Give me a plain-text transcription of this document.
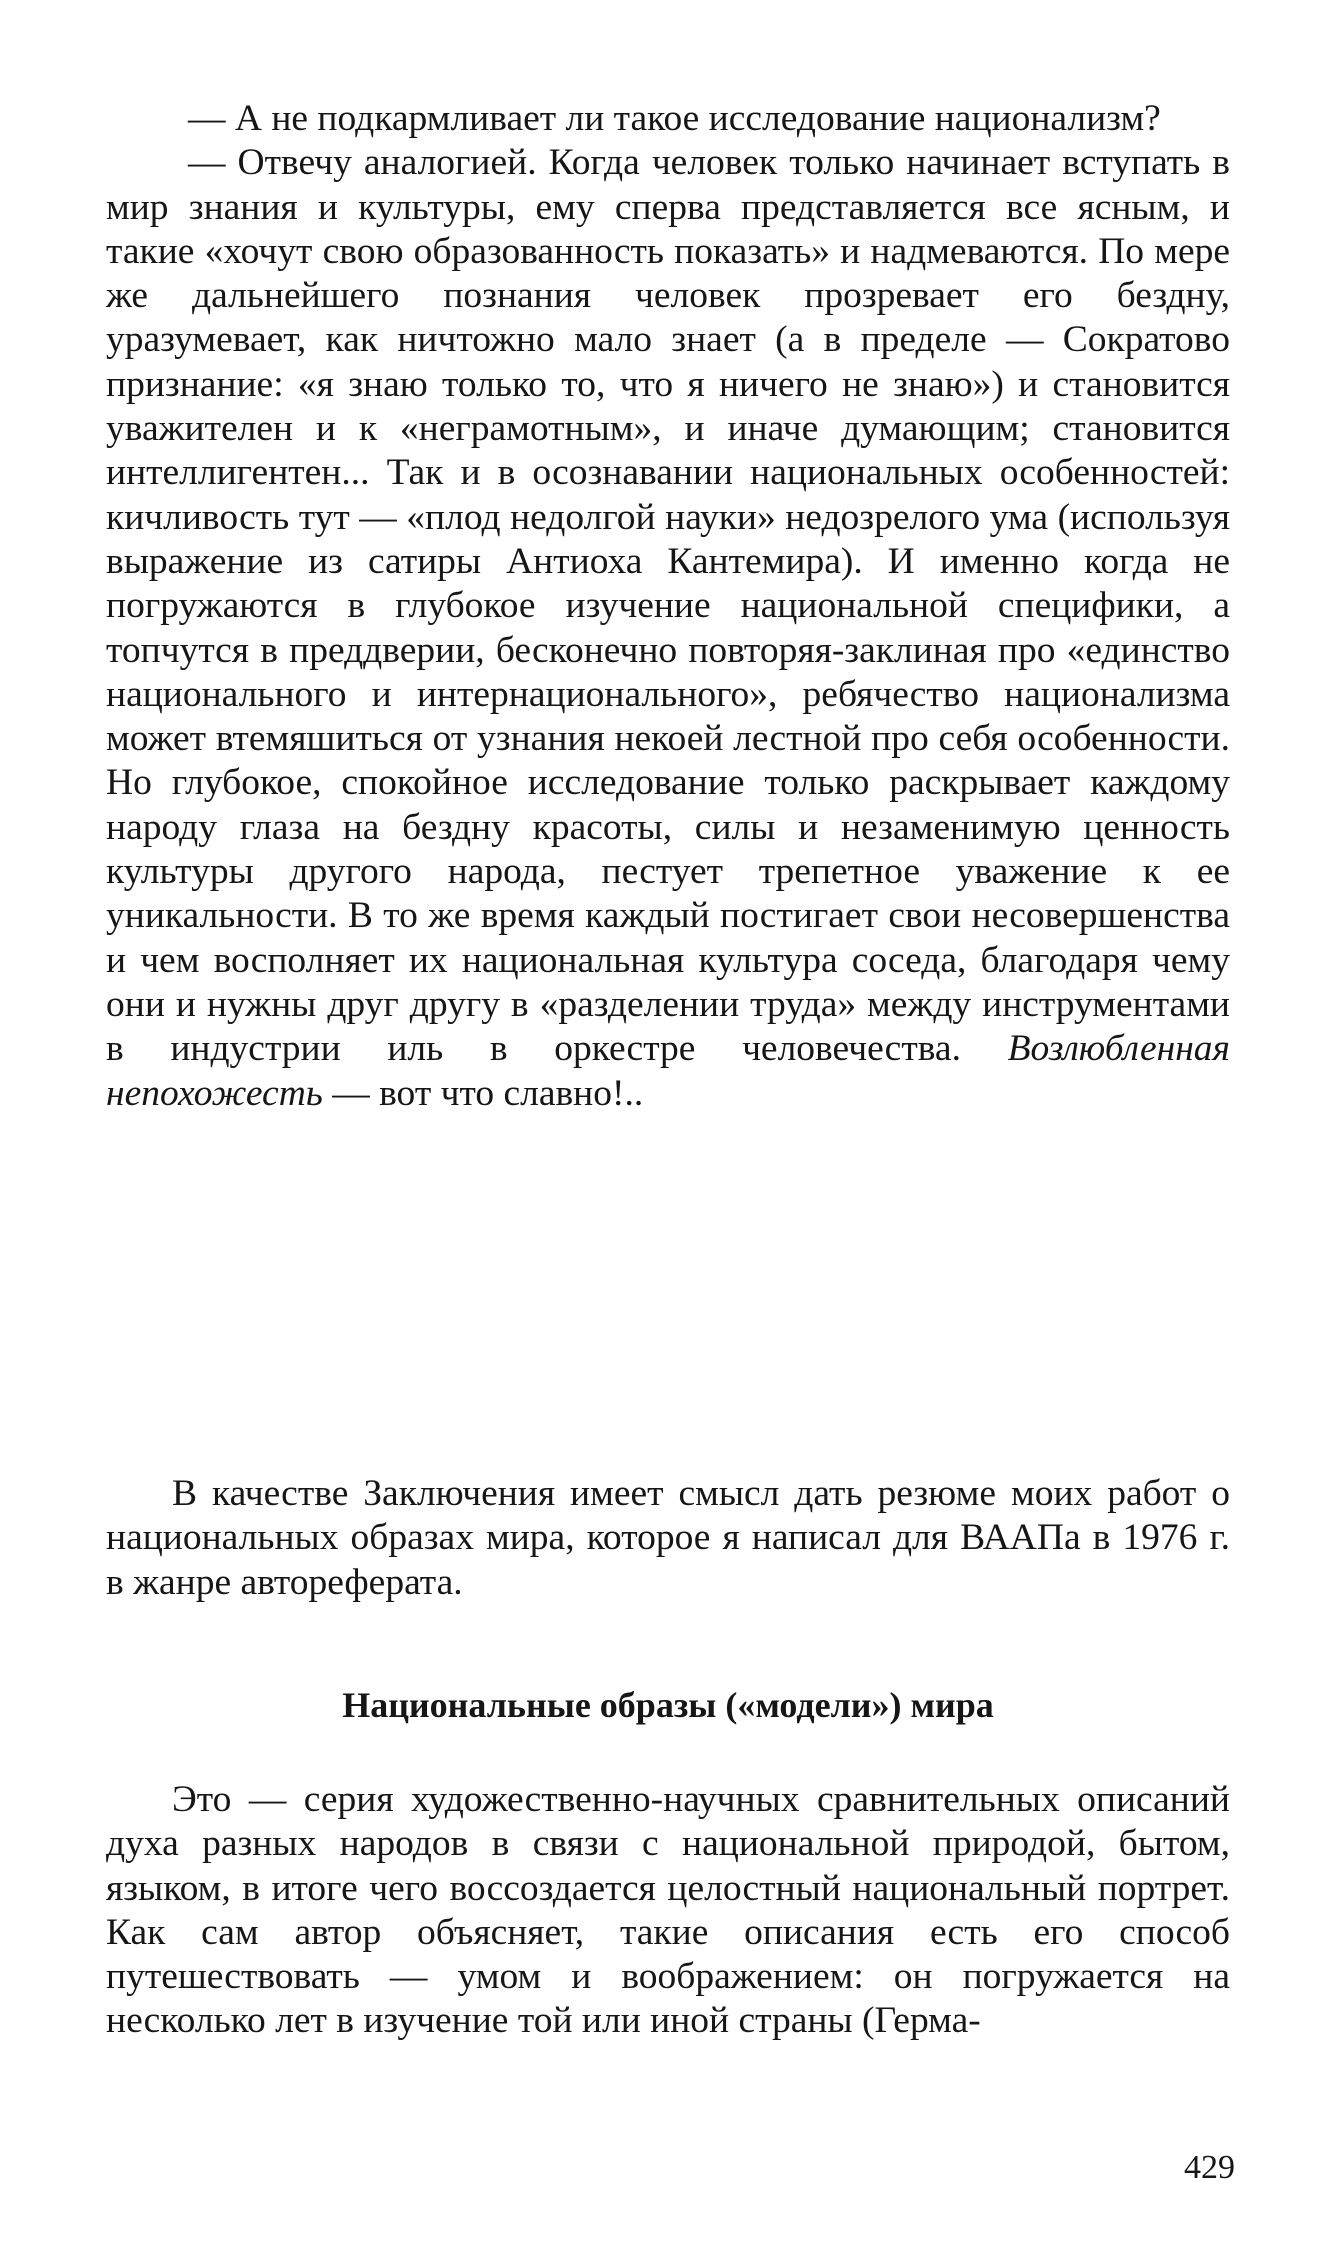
— А не подкармливает ли такое исследование национализм?

— Отвечу аналогией. Когда человек только начинает вступать в мир знания и культуры, ему сперва представляется все ясным, и такие «хочут свою образованность показать» и надмеваются. По мере же дальнейшего познания человек прозревает его бездну, уразумевает, как ничтожно мало знает (а в пределе — Сократово признание: «я знаю только то, что я ничего не знаю») и становится уважителен и к «неграмотным», и иначе думающим; становится интеллигентен... Так и в осознавании национальных особенностей: кичливость тут — «плод недолгой науки» недозрелого ума (используя выражение из сатиры Антиоха Кантемира). И именно когда не погружаются в глубокое изучение национальной специфики, а топчутся в преддверии, бесконечно повторяя-заклиная про «единство национального и интернационального», ребячество национализма может втемяшиться от узнания некоей лестной про себя особенности. Но глубокое, спокойное исследование только раскрывает каждому народу глаза на бездну красоты, силы и незаменимую ценность культуры другого народа, пестует трепетное уважение к ее уникальности. В то же время каждый постигает свои несовершенства и чем восполняет их национальная культура соседа, благодаря чему они и нужны друг другу в «разделении труда» между инструментами в индустрии иль в оркестре человечества. Возлюбленная непохожесть — вот что славно!..

В качестве Заключения имеет смысл дать резюме моих работ о национальных образах мира, которое я написал для ВААПа в 1976 г. в жанре автореферата.

Национальные образы («модели») мира

Это — серия художественно-научных сравнительных описаний духа разных народов в связи с национальной природой, бытом, языком, в итоге чего воссоздается целостный национальный портрет. Как сам автор объясняет, такие описания есть его способ путешествовать — умом и воображением: он погружается на несколько лет в изучение той или иной страны (Герма-

429
